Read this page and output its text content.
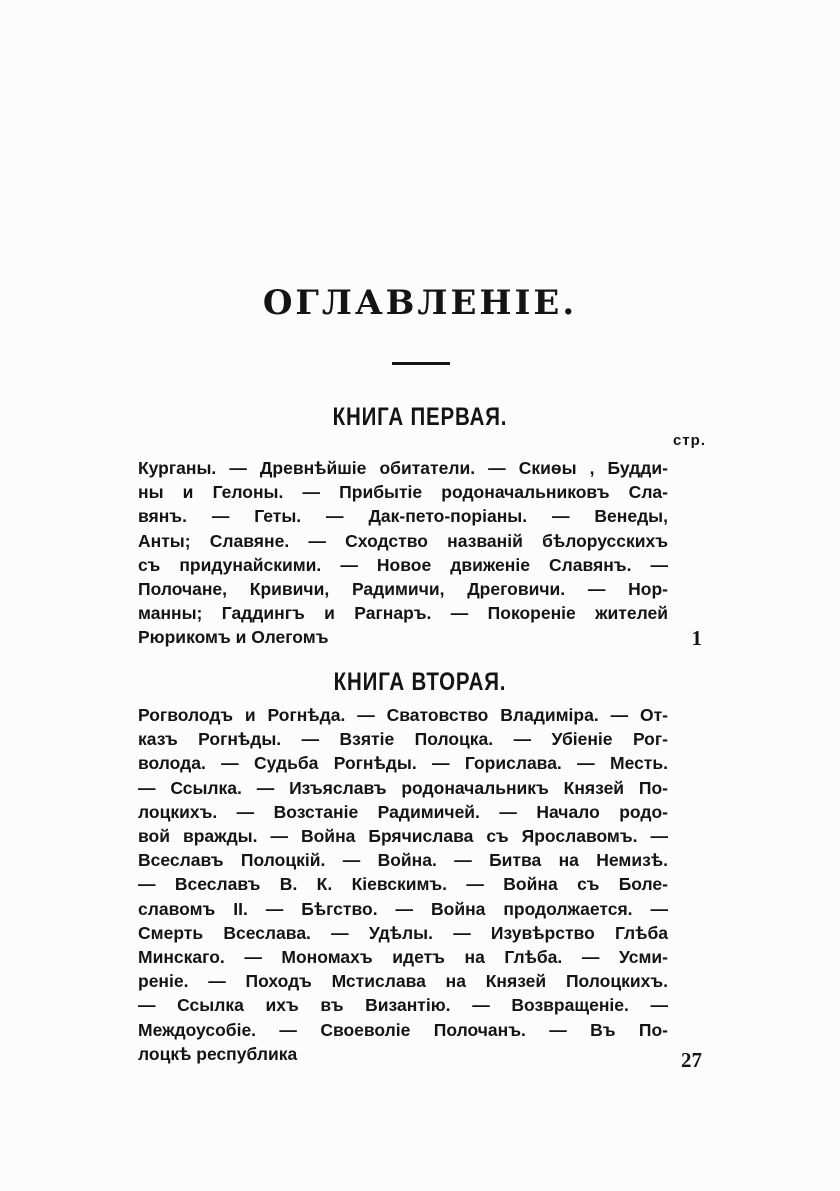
ОГЛАВЛЕНІЕ.
КНИГА ПЕРВАЯ.
стр.
Курганы. — Древнѣйшіе обитатели. — Скиѳы , Будди-
ны и Гелоны. — Прибытіе родоначальниковъ Сла-
вянъ. — Геты. — Дак-пето-поріаны. — Венеды,
Анты; Славяне. — Сходство названій бѣлорусскихъ
съ придунайскими. — Новое движеніе Славянъ. —
Полочане, Кривичи, Радимичи, Дреговичи. — Нор-
манны; Гаддингъ и Рагнаръ. — Покореніе жителей
Рюрикомъ и Олегомъ	1
КНИГА ВТОРАЯ.
Рогволодъ и Рогнѣда. — Сватовство Владиміра. — От-
казъ Рогнѣды. — Взятіе Полоцка. — Убіеніе Рог-
волода. — Судьба Рогнѣды. — Горислава. — Месть.
— Ссылка. — Изъяславъ родоначальникъ Князей По-
лоцкихъ. — Возстаніе Радимичей. — Начало родо-
вой вражды. — Война Брячислава съ Ярославомъ. —
Всеславъ Полоцкій. — Война. — Битва на Немизѣ.
— Всеславъ В. К. Кіевскимъ. — Война съ Боле-
славомъ II. — Бѣгство. — Война продолжается. —
Смерть Всеслава. — Удѣлы. — Изувѣрство Глѣба
Минскаго. — Мономахъ идетъ на Глѣба. — Усми-
реніе. — Походъ Мстислава на Князей Полоцкихъ.
— Ссылка ихъ въ Византію. — Возвращеніе. —
Междоусобіе. — Своеволіе Полочанъ. — Въ По-
лоцкѣ республика	27
